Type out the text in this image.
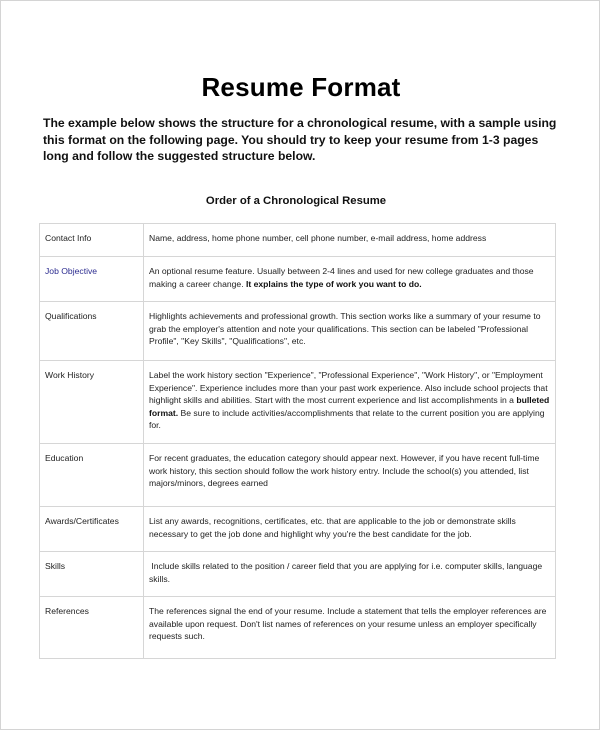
Resume Format
The example below shows the structure for a chronological resume, with a sample using this format on the following page. You should try to keep your resume from 1-3 pages long and follow the suggested structure below.
Order of a Chronological Resume
Contact Info	Name, address, home phone number, cell phone number, e-mail address, home address
Job Objective	An optional resume feature. Usually between 2-4 lines and used for new college graduates and those making a career change. It explains the type of work you want to do.
Qualifications	Highlights achievements and professional growth. This section works like a summary of your resume to grab the employer's attention and note your qualifications. This section can be labeled "Professional Profile", "Key Skills", "Qualifications", etc.
Work History	Label the work history section "Experience", "Professional Experience", "Work History", or "Employment Experience". Experience includes more than your past work experience. Also include school projects that highlight skills and abilities. Start with the most current experience and list accomplishments in a bulleted format. Be sure to include activities/accomplishments that relate to the current position you are applying for.
Education	For recent graduates, the education category should appear next. However, if you have recent full-time work history, this section should follow the work history entry. Include the school(s) you attended, list majors/minors, degrees earned
Awards/Certificates	List any awards, recognitions, certificates, etc. that are applicable to the job or demonstrate skills necessary to get the job done and highlight why you're the best candidate for the job.
Skills	Include skills related to the position / career field that you are applying for i.e. computer skills, language skills.
References	The references signal the end of your resume. Include a statement that tells the employer references are available upon request. Don't list names of references on your resume unless an employer specifically requests such.
